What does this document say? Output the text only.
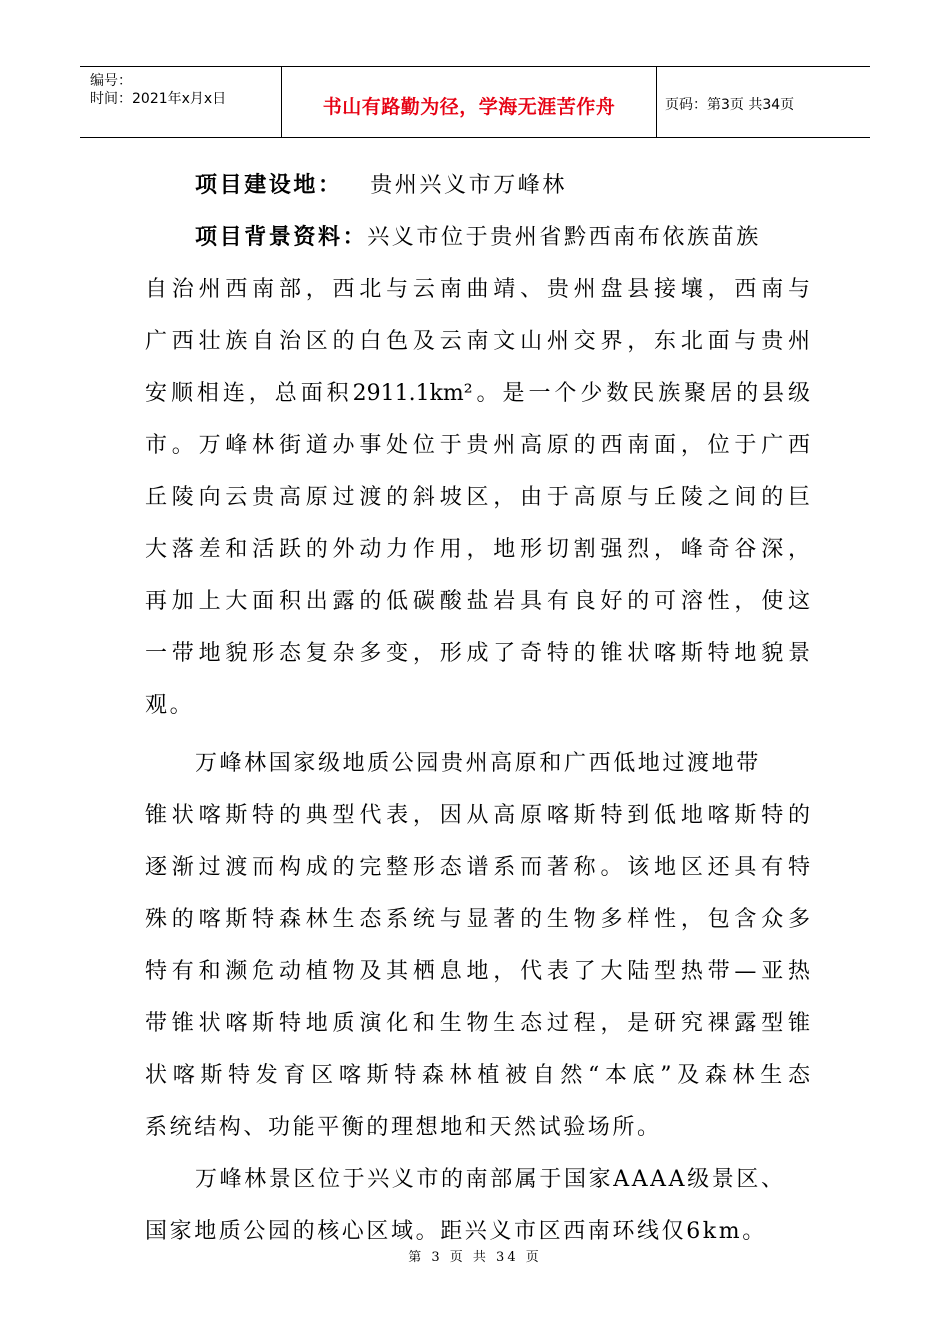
编号：
时间：2021年x月x日	书山有路勤为径，学海无涯苦作舟	页码：第3页 共34页
项目建设地： 贵州兴义市万峰林
项目背景资料：兴义市位于贵州省黔西南布依族苗族
自治州西南部，西北与云南曲靖、贵州盘县接壤，西南与
广西壮族自治区的白色及云南文山州交界，东北面与贵州
安顺相连，总面积2911.1km²。是一个少数民族聚居的县级
市。万峰林街道办事处位于贵州高原的西南面，位于广西
丘陵向云贵高原过渡的斜坡区，由于高原与丘陵之间的巨
大落差和活跃的外动力作用，地形切割强烈，峰奇谷深，
再加上大面积出露的低碳酸盐岩具有良好的可溶性，使这
一带地貌形态复杂多变，形成了奇特的锥状喀斯特地貌景
观。
万峰林国家级地质公园贵州高原和广西低地过渡地带
锥状喀斯特的典型代表，因从高原喀斯特到低地喀斯特的
逐渐过渡而构成的完整形态谱系而著称。该地区还具有特
殊的喀斯特森林生态系统与显著的生物多样性，包含众多
特有和濒危动植物及其栖息地，代表了大陆型热带—亚热
带锥状喀斯特地质演化和生物生态过程，是研究裸露型锥
状喀斯特发育区喀斯特森林植被自然“本底”及森林生态
系统结构、功能平衡的理想地和天然试验场所。
万峰林景区位于兴义市的南部属于国家AAAA级景区、
国家地质公园的核心区域。距兴义市区西南环线仅6km。
第 3 页 共 34 页
